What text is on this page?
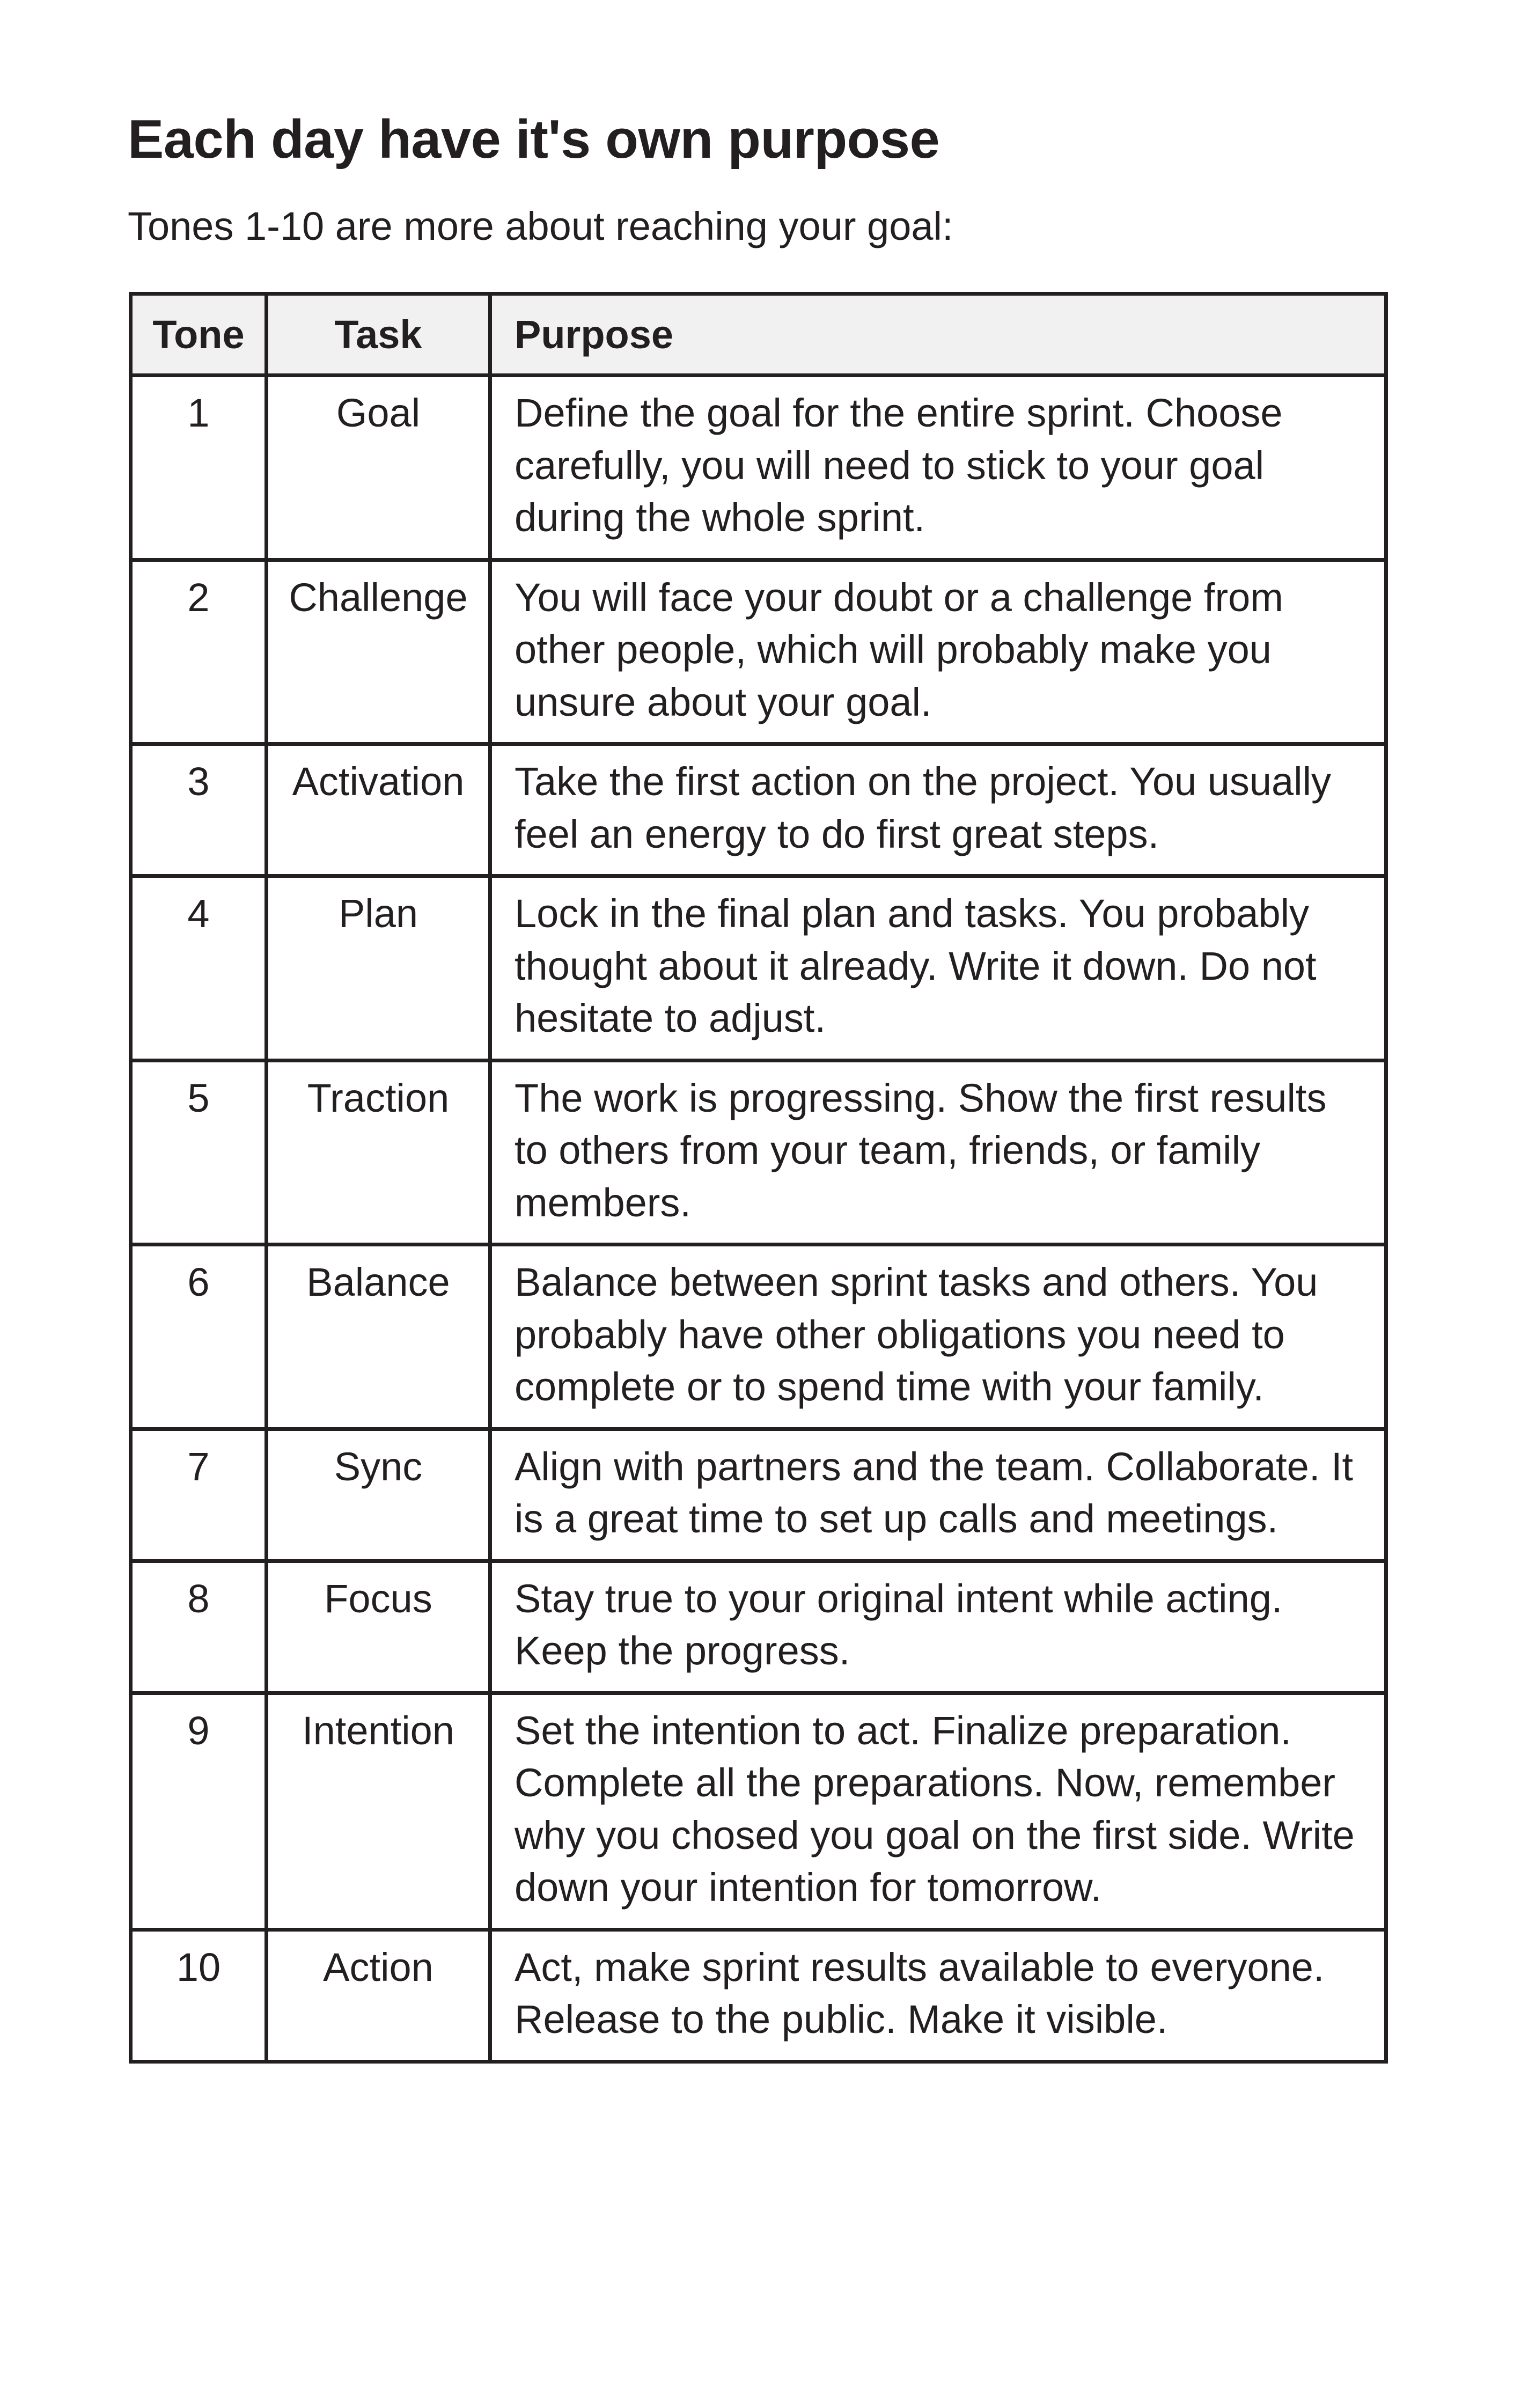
Each day have it's own purpose

Tones 1-10 are more about reaching your goal:

Tone	Task	Purpose
1	Goal	Define the goal for the entire sprint. Choose carefully, you will need to stick to your goal during the whole sprint.
2	Challenge	You will face your doubt or a challenge from other people, which will probably make you unsure about your goal.
3	Activation	Take the first action on the project. You usually feel an energy to do first great steps.
4	Plan	Lock in the final plan and tasks. You probably thought about it already. Write it down. Do not hesitate to adjust.
5	Traction	The work is progressing. Show the first results to others from your team, friends, or family members.
6	Balance	Balance between sprint tasks and others. You probably have other obligations you need to complete or to spend time with your family.
7	Sync	Align with partners and the team. Collaborate. It is a great time to set up calls and meetings.
8	Focus	Stay true to your original intent while acting. Keep the progress.
9	Intention	Set the intention to act. Finalize preparation. Complete all the preparations. Now, remember why you chosed you goal on the first side. Write down your intention for tomorrow.
10	Action	Act, make sprint results available to everyone. Release to the public. Make it visible.
